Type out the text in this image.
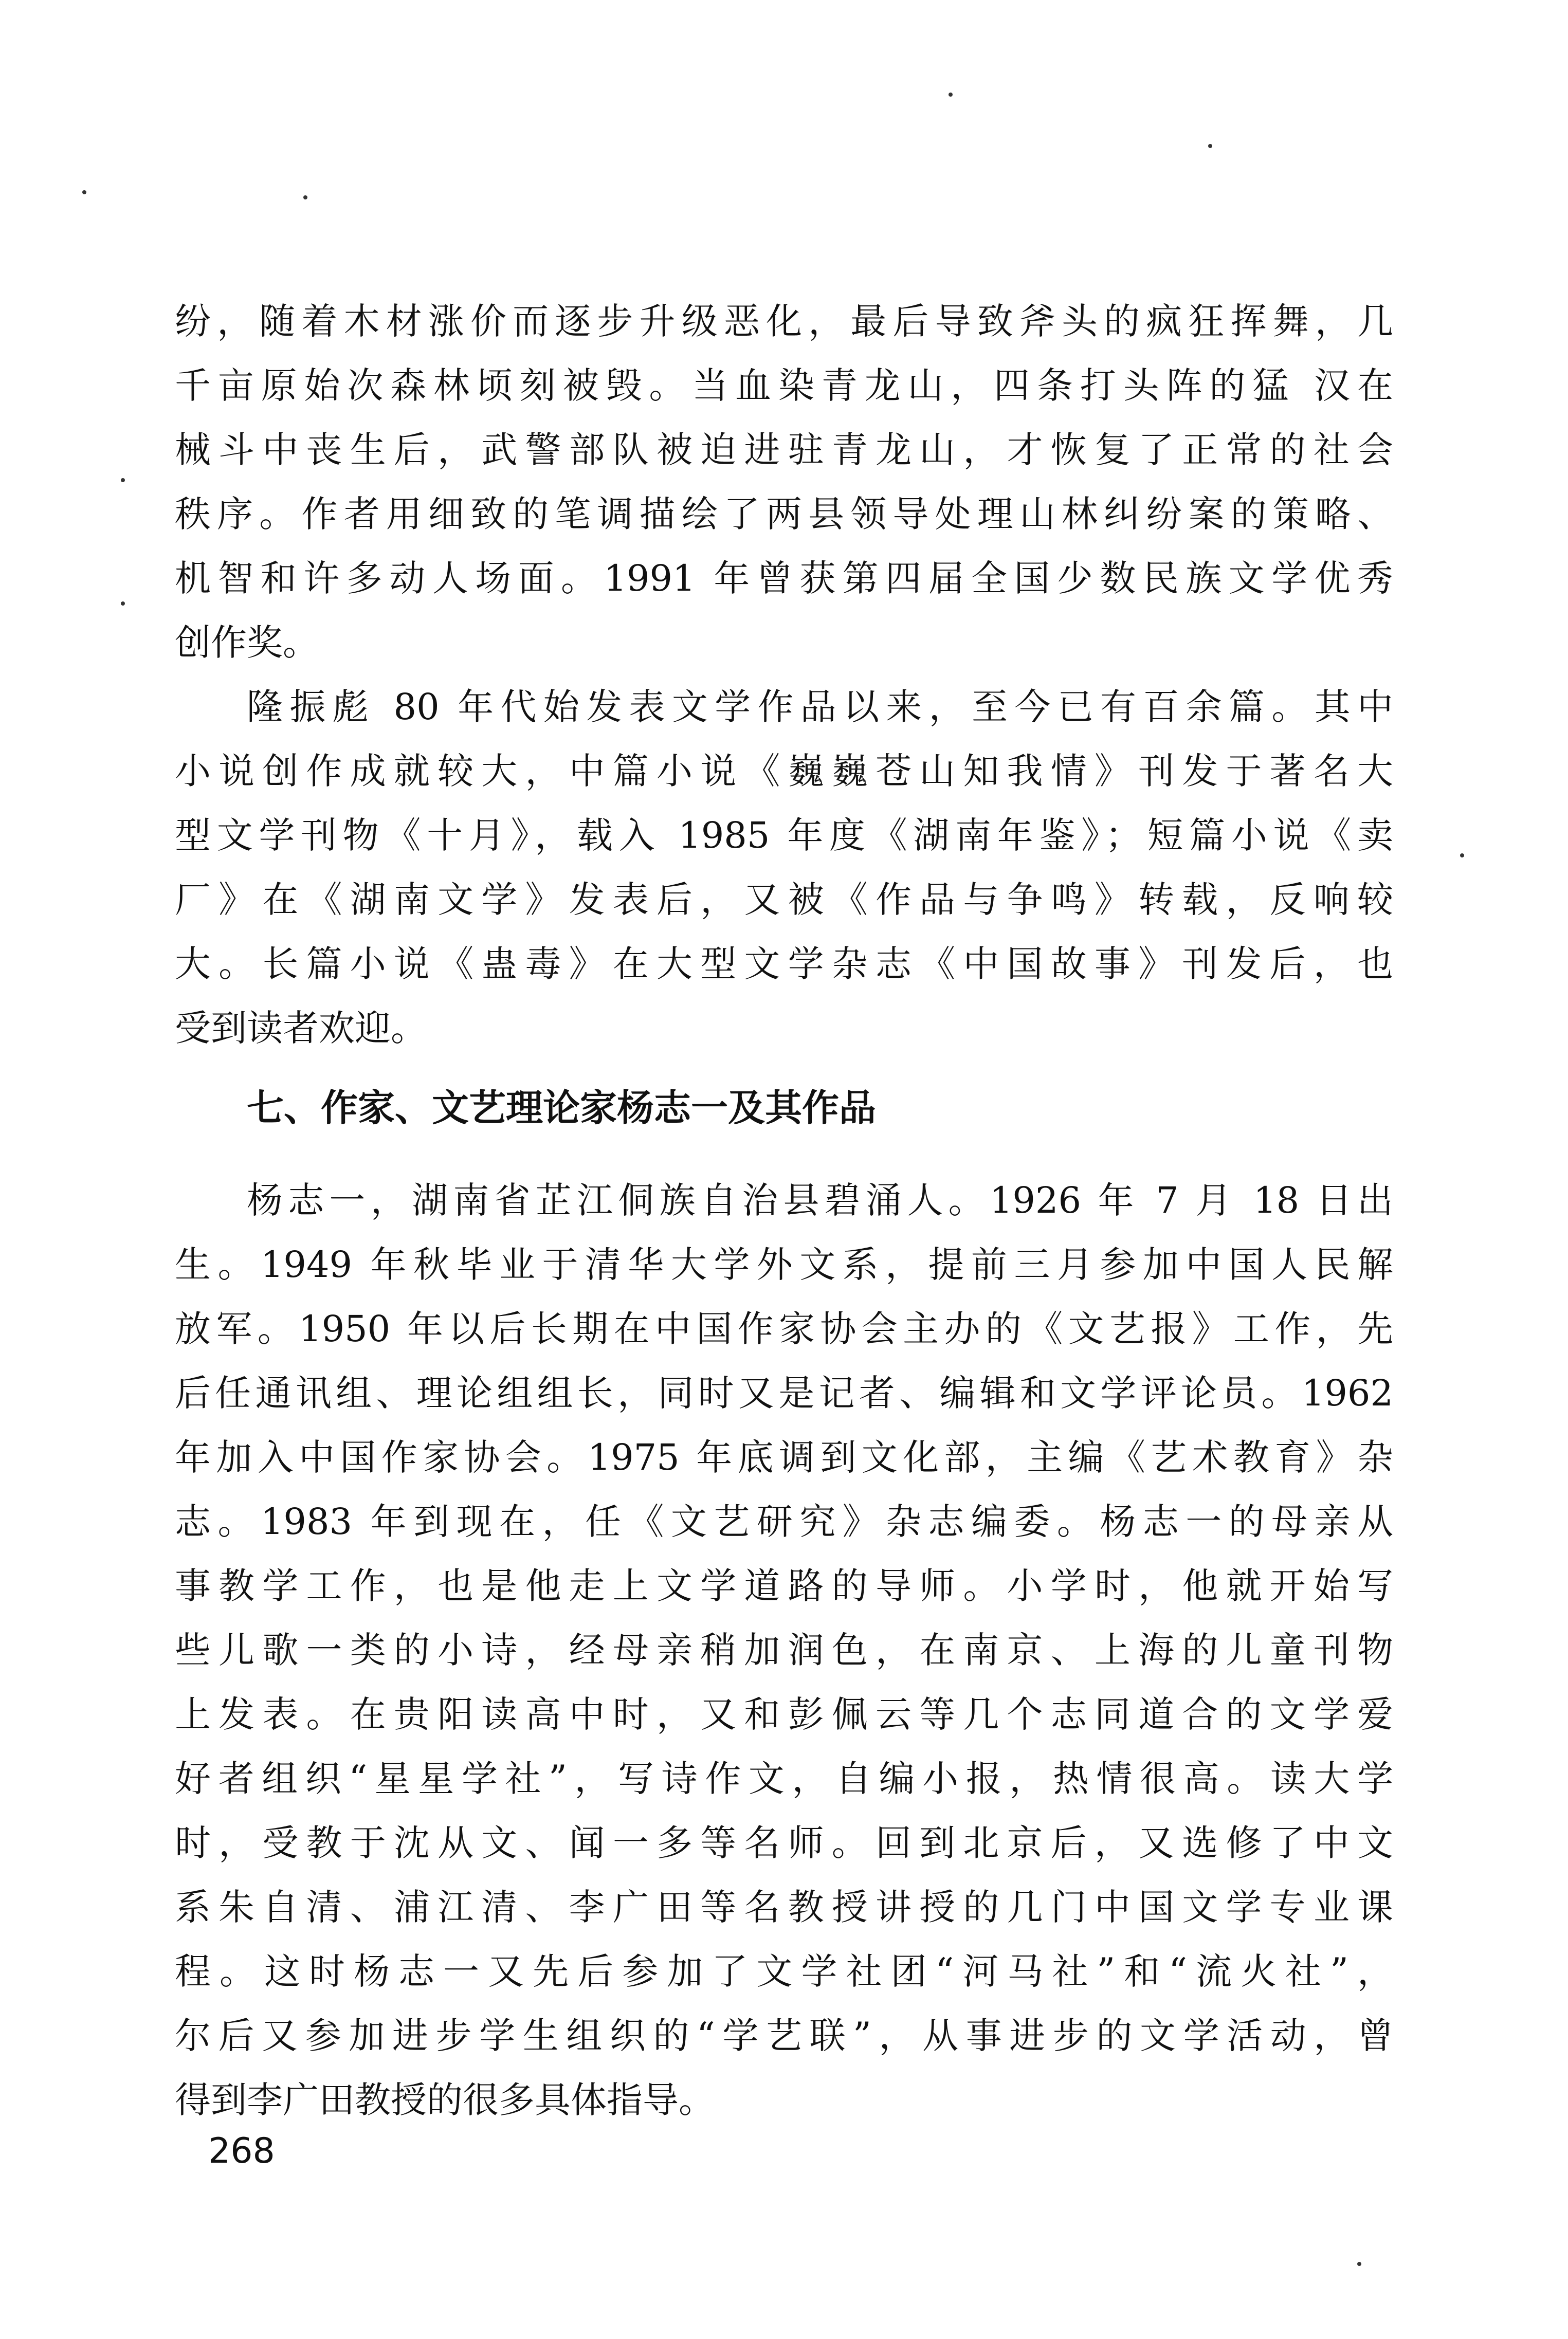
纷，随着木材涨价而逐步升级恶化，最后导致斧头的疯狂挥舞，几
千亩原始次森林顷刻被毁。当血染青龙山，四条打头阵的猛 汉在
械斗中丧生后，武警部队被迫进驻青龙山，才恢复了正常的社会
秩序。作者用细致的笔调描绘了两县领导处理山林纠纷案的策略、
机智和许多动人场面。1991 年曾获第四届全国少数民族文学优秀
创作奖。
隆振彪 80 年代始发表文学作品以来，至今已有百余篇。其中
小说创作成就较大，中篇小说《巍巍苍山知我情》刊发于著名大
型文学刊物《十月》，载入 1985 年度《湖南年鉴》；短篇小说《卖
厂》在《湖南文学》发表后，又被《作品与争鸣》转载，反响较
大。长篇小说《蛊毒》在大型文学杂志《中国故事》刊发后，也
受到读者欢迎。
七、作家、文艺理论家杨志一及其作品
杨志一，湖南省芷江侗族自治县碧涌人。1926 年 7 月 18 日出
生。1949 年秋毕业于清华大学外文系，提前三月参加中国人民解
放军。1950 年以后长期在中国作家协会主办的《文艺报》工作，先
后任通讯组、理论组组长，同时又是记者、编辑和文学评论员。1962
年加入中国作家协会。1975 年底调到文化部，主编《艺术教育》杂
志。1983 年到现在，任《文艺研究》杂志编委。杨志一的母亲从
事教学工作，也是他走上文学道路的导师。小学时，他就开始写
些儿歌一类的小诗，经母亲稍加润色，在南京、上海的儿童刊物
上发表。在贵阳读高中时，又和彭佩云等几个志同道合的文学爱
好者组织“星星学社”，写诗作文，自编小报，热情很高。读大学
时，受教于沈从文、闻一多等名师。回到北京后，又选修了中文
系朱自清、浦江清、李广田等名教授讲授的几门中国文学专业课
程。这时杨志一又先后参加了文学社团“河马社”和“流火社”，
尔后又参加进步学生组织的“学艺联”，从事进步的文学活动，曾
得到李广田教授的很多具体指导。
268
